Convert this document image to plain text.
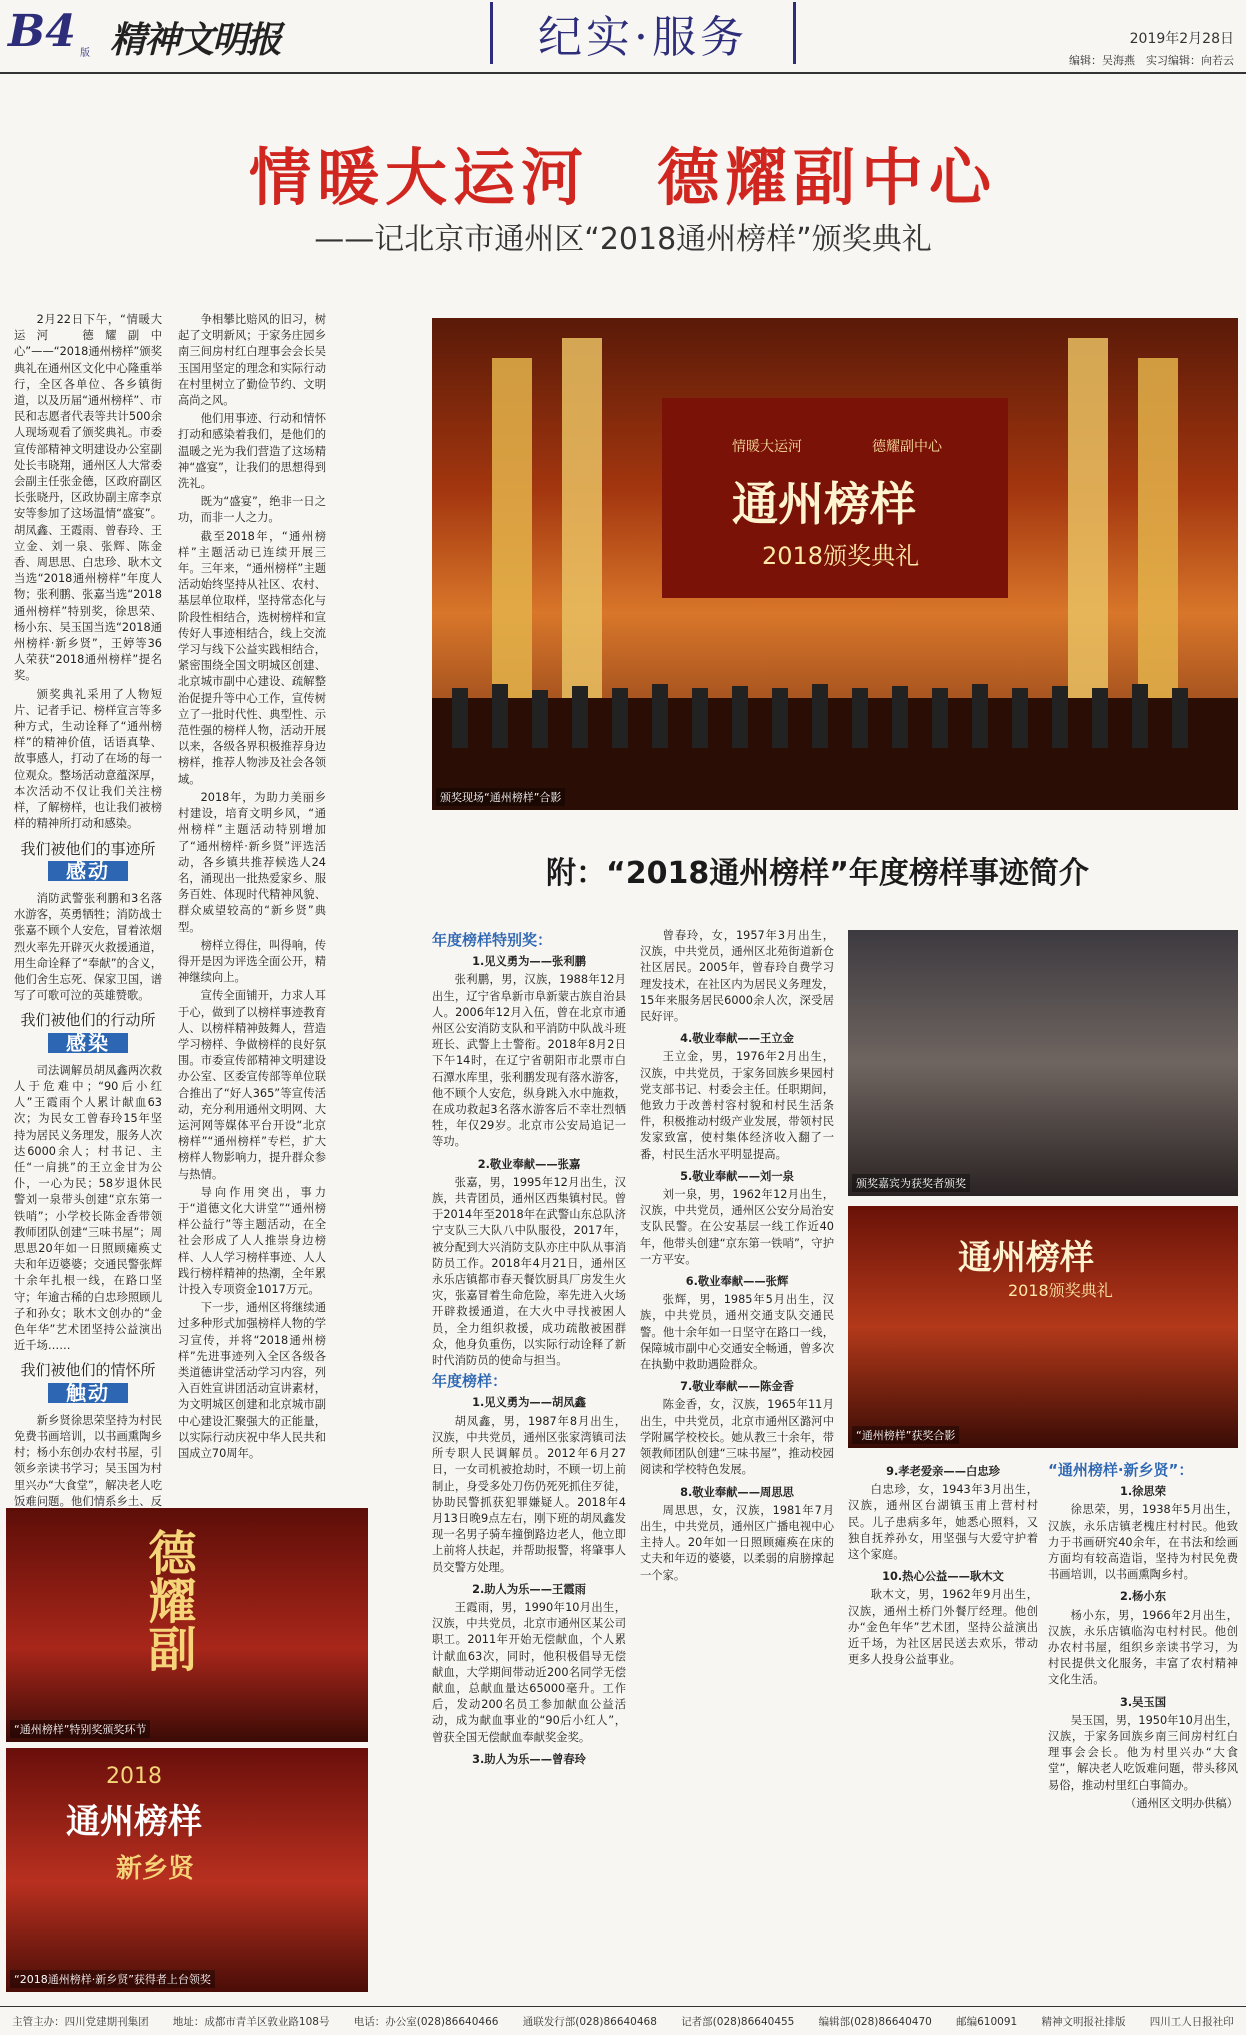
B4 版 精神文明报	纪实·服务	2019年2月28日
编辑：吴海燕　实习编辑：向若云
情暖大运河　德耀副中心
——记北京市通州区“2018通州榜样”颁奖典礼

2月22日下午，“情暖大运河　德耀副中心”——“2018通州榜样”颁奖典礼在通州区文化中心隆重举行，全区各单位、各乡镇街道，以及历届“通州榜样”、市民和志愿者代表等共计500余人现场观看了颁奖典礼。市委宣传部精神文明建设办公室副处长韦晓翔，通州区人大常委会副主任张金德，区政府副区长张晓丹，区政协副主席李京安等参加了这场温情“盛宴”。胡凤鑫、王霞雨、曾春玲、王立金、刘一泉、张辉、陈金香、周思思、白忠珍、耿木文当选“2018通州榜样”年度人物；张利鹏、张嘉当选“2018通州榜样”特别奖，徐思荣、杨小东、吴玉国当选“2018通州榜样·新乡贤”，王婷等36人荣获“2018通州榜样”提名奖。

颁奖典礼采用了人物短片、记者手记、榜样宣言等多种方式，生动诠释了“通州榜样”的精神价值，话语真挚、故事感人，打动了在场的每一位观众。整场活动意蕴深厚，本次活动不仅让我们关注榜样，了解榜样，也让我们被榜样的精神所打动和感染。

我们被他们的事迹所
感动

消防武警张利鹏和3名落水游客，英勇牺牲；消防战士张嘉不顾个人安危，冒着浓烟烈火率先开辟灭火救援通道，用生命诠释了“奉献”的含义，他们舍生忘死、保家卫国，谱写了可歌可泣的英雄赞歌。

我们被他们的行动所
感染

司法调解员胡凤鑫两次救人于危难中；“90后小红人”王霞雨个人累计献血63次；为民女工曾春玲15年坚持为居民义务理发，服务人次达6000余人；村书记、主任“一肩挑”的王立金甘为公仆，一心为民；58岁退休民警刘一泉带头创建“京东第一铁哨”；小学校长陈金香带领教师团队创建“三味书屋”；周思思20年如一日照顾瘫痪丈夫和年迈婆婆；交通民警张辉十余年扎根一线，在路口坚守；年逾古稀的白忠珍照顾儿子和孙女；耿木文创办的“金色年华”艺术团坚持公益演出近千场……

我们被他们的情怀所
触动

新乡贤徐思荣坚持为村民免费书画培训，以书画熏陶乡村；杨小东创办农村书屋，引领乡亲读书学习；吴玉国为村里兴办“大食堂”，解决老人吃饭难问题。他们情系乡土、反

争相攀比赔风的旧习，树起了文明新风；于家务庄园乡南三间房村红白理事会会长吴玉国用坚定的理念和实际行动在村里树立了勤俭节约、文明高尚之风。

他们用事迹、行动和情怀打动和感染着我们，是他们的温暖之光为我们营造了这场精神“盛宴”，让我们的思想得到洗礼。

既为“盛宴”，绝非一日之功，而非一人之力。

截至2018年，“通州榜样”主题活动已连续开展三年。三年来，“通州榜样”主题活动始终坚持从社区、农村、基层单位取样，坚持常态化与阶段性相结合，选树榜样和宣传好人事迹相结合，线上交流学习与线下公益实践相结合，紧密围绕全国文明城区创建、北京城市副中心建设、疏解整治促提升等中心工作，宣传树立了一批时代性、典型性、示范性强的榜样人物，活动开展以来，各级各界积极推荐身边榜样，推荐人物涉及社会各领域。

2018年，为助力美丽乡村建设，培育文明乡风，“通州榜样”主题活动特别增加了“通州榜样·新乡贤”评选活动，各乡镇共推荐候选人24名，涌现出一批热爱家乡、服务百姓、体现时代精神风貌、群众威望较高的“新乡贤”典型。

榜样立得住，叫得响，传得开是因为评选全面公开，精神继续向上。

宣传全面铺开，力求人耳于心，做到了以榜样事迹教育人、以榜样精神鼓舞人，营造学习榜样、争做榜样的良好氛围。市委宣传部精神文明建设办公室、区委宣传部等单位联合推出了“好人365”等宣传活动，充分利用通州文明网、大运河网等媒体平台开设“北京榜样”“通州榜样”专栏，扩大榜样人物影响力，提升群众参与热情。

导向作用突出，事力于“道德文化大讲堂”“通州榜样公益行”等主题活动，在全社会形成了人人推崇身边榜样、人人学习榜样事迹、人人践行榜样精神的热潮，全年累计投入专项资金1017万元。

下一步，通州区将继续通过多种形式加强榜样人物的学习宣传，并将“2018通州榜样”先进事迹列入全区各级各类道德讲堂活动学习内容，列入百姓宣讲团活动宣讲素材，为文明城区创建和北京城市副中心建设汇聚强大的正能量，以实际行动庆祝中华人民共和国成立70周年。

情暖大运河	德耀副中心
通州榜样
2018颁奖典礼
颁奖现场“通州榜样”合影
附：“2018通州榜样”年度榜样事迹简介
德耀副
“通州榜样”特别奖颁奖环节
2018
通州榜样
新乡贤
“2018通州榜样·新乡贤”获得者上台领奖
年度榜样特别奖：
1.见义勇为——张利鹏

张利鹏，男，汉族，1988年12月出生，辽宁省阜新市阜新蒙古族自治县人。2006年12月入伍，曾在北京市通州区公安消防支队和平消防中队战斗班班长、武警上士警衔。2018年8月2日下午14时，在辽宁省朝阳市北票市白石潭水库里，张利鹏发现有落水游客，他不顾个人安危，纵身跳入水中施救，在成功救起3名落水游客后不幸壮烈牺牲，年仅29岁。北京市公安局追记一等功。

2.敬业奉献——张嘉

张嘉，男，1995年12月出生，汉族，共青团员，通州区西集镇村民。曾于2014年至2018年在武警山东总队济宁支队三大队八中队服役，2017年，被分配到大兴消防支队亦庄中队从事消防员工作。2018年4月21日，通州区永乐店镇都市春天餐饮厨具厂房发生火灾，张嘉冒着生命危险，率先进入火场开辟救援通道，在大火中寻找被困人员，全力组织救援，成功疏散被困群众，他身负重伤，以实际行动诠释了新时代消防员的使命与担当。

年度榜样：
1.见义勇为——胡凤鑫

胡凤鑫，男，1987年8月出生，汉族，中共党员，通州区张家湾镇司法所专职人民调解员。2012年6月27日，一女司机被抢劫时，不顾一切上前制止，身受多处刀伤仍死死抓住歹徒，协助民警抓获犯罪嫌疑人。2018年4月13日晚9点左右，刚下班的胡凤鑫发现一名男子骑车撞倒路边老人，他立即上前将人扶起，并帮助报警，将肇事人员交警方处理。

2.助人为乐——王霞雨

王霞雨，男，1990年10月出生，汉族，中共党员，北京市通州区某公司职工。2011年开始无偿献血，个人累计献血63次，同时，他积极倡导无偿献血，大学期间带动近200名同学无偿献血，总献血量达65000毫升。工作后，发动200名员工参加献血公益活动，成为献血事业的“90后小红人”，曾获全国无偿献血奉献奖金奖。

3.助人为乐——曾春玲

曾春玲，女，1957年3月出生，汉族，中共党员，通州区北苑街道新仓社区居民。2005年，曾春玲自费学习理发技术，在社区内为居民义务理发，15年来服务居民6000余人次，深受居民好评。

4.敬业奉献——王立金

王立金，男，1976年2月出生，汉族，中共党员，于家务回族乡果园村党支部书记、村委会主任。任职期间，他致力于改善村容村貌和村民生活条件，积极推动村级产业发展，带领村民发家致富，使村集体经济收入翻了一番，村民生活水平明显提高。

5.敬业奉献——刘一泉

刘一泉，男，1962年12月出生，汉族，中共党员，通州区公安分局治安支队民警。在公安基层一线工作近40年，他带头创建“京东第一铁哨”，守护一方平安。

6.敬业奉献——张辉

张辉，男，1985年5月出生，汉族，中共党员，通州交通支队交通民警。他十余年如一日坚守在路口一线，保障城市副中心交通安全畅通，曾多次在执勤中救助遇险群众。

7.敬业奉献——陈金香

陈金香，女，汉族，1965年11月出生，中共党员，北京市通州区潞河中学附属学校校长。她从教三十余年，带领教师团队创建“三味书屋”，推动校园阅读和学校特色发展。

8.敬业奉献——周思思

周思思，女，汉族，1981年7月出生，中共党员，通州区广播电视中心主持人。20年如一日照顾瘫痪在床的丈夫和年迈的婆婆，以柔弱的肩膀撑起一个家。

颁奖嘉宾为获奖者颁奖
通州榜样
2018颁奖典礼
“通州榜样”获奖合影
9.孝老爱亲——白忠珍

白忠珍，女，1943年3月出生，汉族，通州区台湖镇玉甫上营村村民。儿子患病多年，她悉心照料，又独自抚养孙女，用坚强与大爱守护着这个家庭。

10.热心公益——耿木文

耿木文，男，1962年9月出生，汉族，通州土桥门外餐厅经理。他创办“金色年华”艺术团，坚持公益演出近千场，为社区居民送去欢乐，带动更多人投身公益事业。

“通州榜样·新乡贤”：
1.徐思荣

徐思荣，男，1938年5月出生，汉族，永乐店镇老槐庄村村民。他致力于书画研究40余年，在书法和绘画方面均有较高造诣，坚持为村民免费书画培训，以书画熏陶乡村。

2.杨小东

杨小东，男，1966年2月出生，汉族，永乐店镇临沟屯村村民。他创办农村书屋，组织乡亲读书学习，为村民提供文化服务，丰富了农村精神文化生活。

3.吴玉国

吴玉国，男，1950年10月出生，汉族，于家务回族乡南三间房村红白理事会会长。他为村里兴办“大食堂”，解决老人吃饭难问题，带头移风易俗，推动村里红白事简办。

（通州区文明办供稿）
主管主办：四川党建期刊集团 地址：成都市青羊区敦业路108号 电话：办公室(028)86640466 通联发行部(028)86640468 记者部(028)86640455 编辑部(028)86640470 邮编610091 精神文明报社排版 四川工人日报社印
